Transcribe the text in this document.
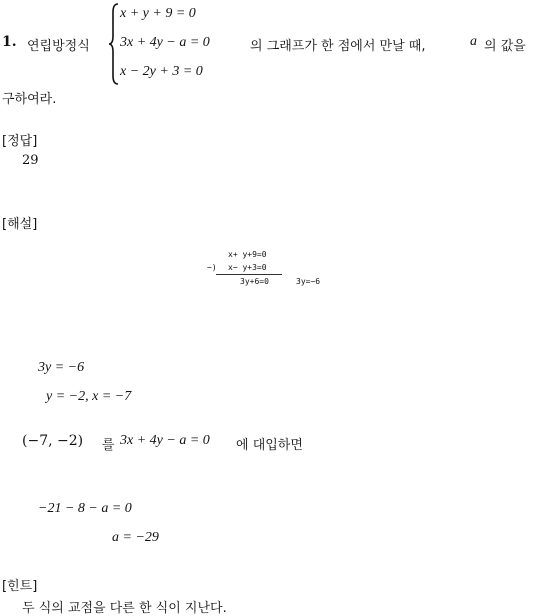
1. 연립방정식
x + y + 9 = 0
3x + 4y − a = 0
x − 2y + 3 = 0
의 그래프가 한 점에서 만날 때,	a 의 값을
구하여라.
[정답]
29
[해설]
x+ y+9=0
−) x− y+3=0
3y+6=0	3y=−6
3y = −6
y = −2, x = −7
(−7, −2) 를 3x + 4y − a = 0 에 대입하면
−21 − 8 − a = 0
a = −29
[힌트]
두 식의 교점을 다른 한 식이 지난다.
